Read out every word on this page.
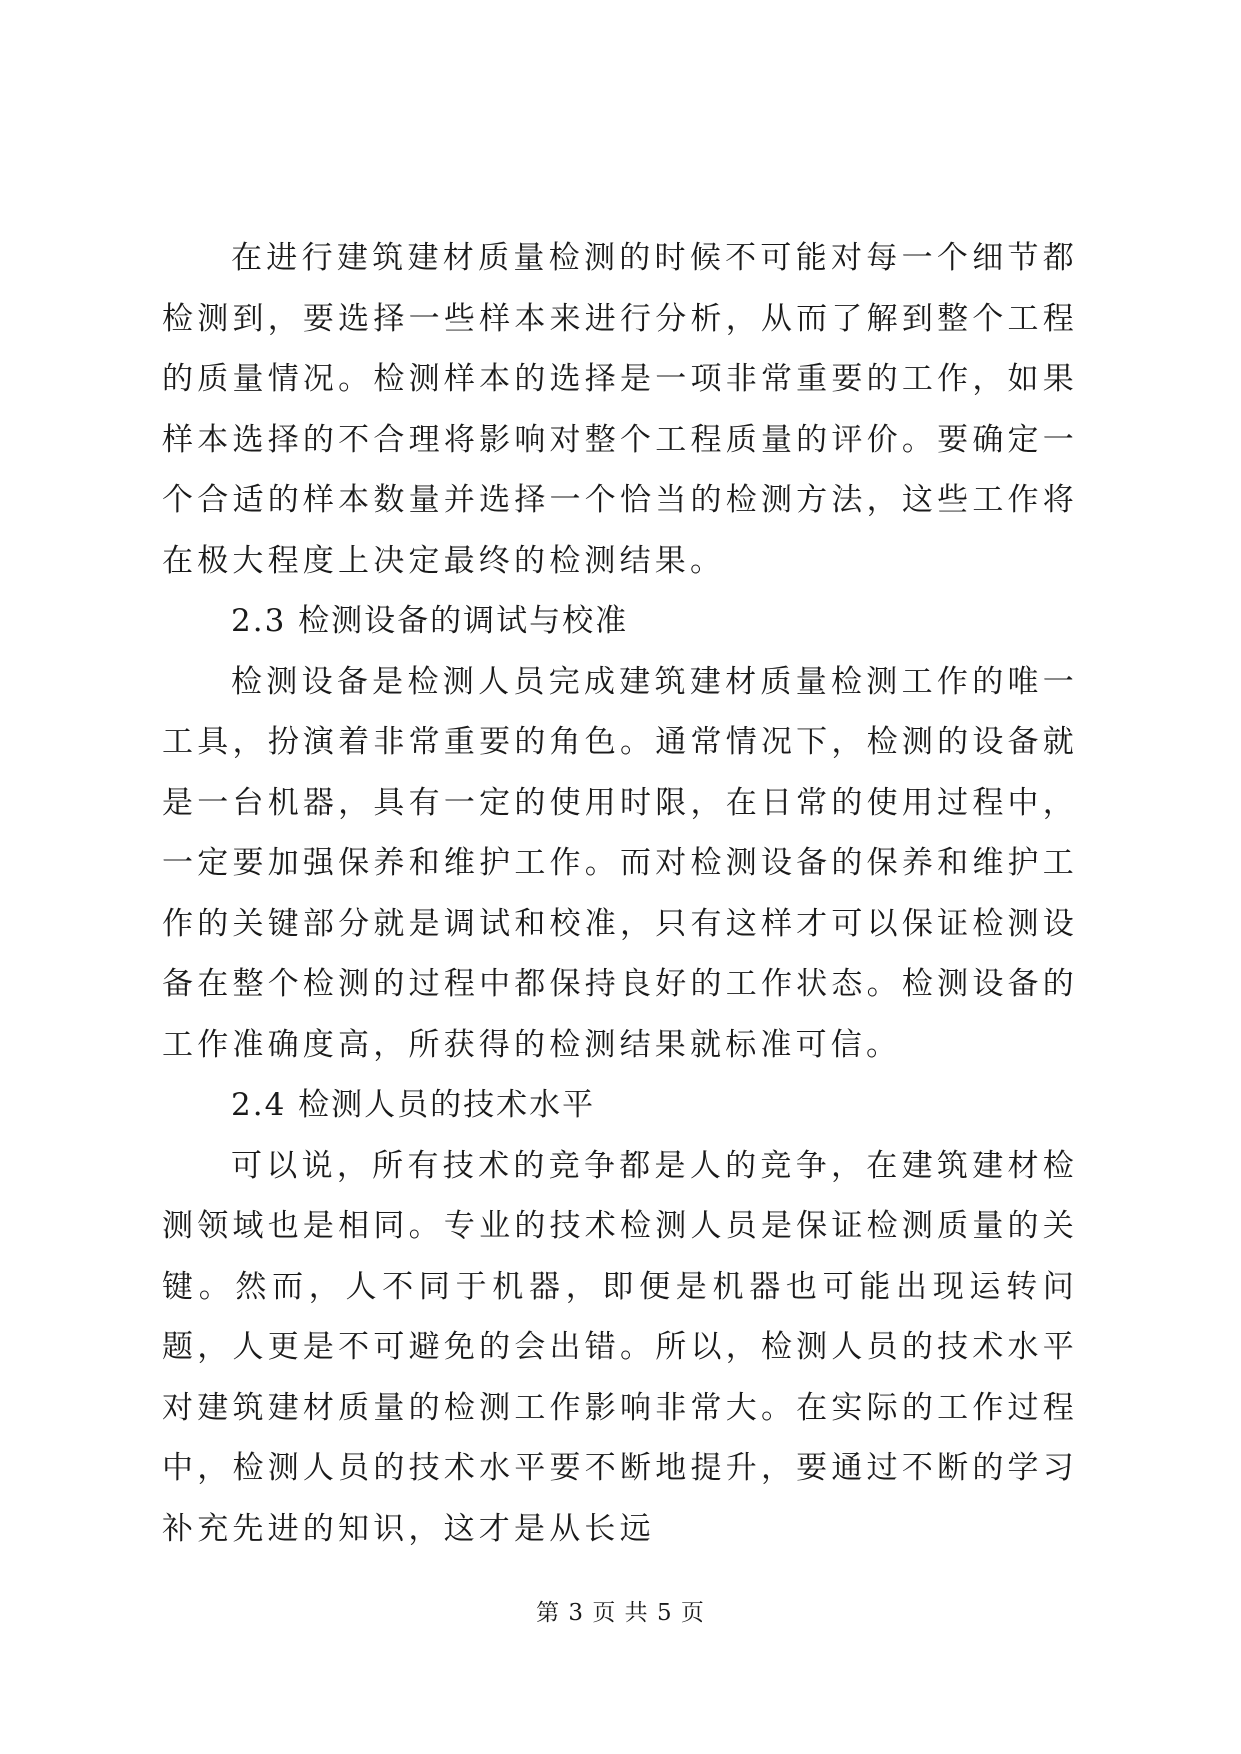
在进行建筑建材质量检测的时候不可能对每一个细节都检测到，要选择一些样本来进行分析，从而了解到整个工程的质量情况。检测样本的选择是一项非常重要的工作，如果样本选择的不合理将影响对整个工程质量的评价。要确定一个合适的样本数量并选择一个恰当的检测方法，这些工作将在极大程度上决定最终的检测结果。

2.3 检测设备的调试与校准

检测设备是检测人员完成建筑建材质量检测工作的唯一工具，扮演着非常重要的角色。通常情况下，检测的设备就是一台机器，具有一定的使用时限，在日常的使用过程中，一定要加强保养和维护工作。而对检测设备的保养和维护工作的关键部分就是调试和校准，只有这样才可以保证检测设备在整个检测的过程中都保持良好的工作状态。检测设备的工作准确度高，所获得的检测结果就标准可信。

2.4 检测人员的技术水平

可以说，所有技术的竞争都是人的竞争，在建筑建材检测领域也是相同。专业的技术检测人员是保证检测质量的关键。然而，人不同于机器，即便是机器也可能出现运转问题，人更是不可避免的会出错。所以，检测人员的技术水平对建筑建材质量的检测工作影响非常大。在实际的工作过程中，检测人员的技术水平要不断地提升，要通过不断的学习补充先进的知识，这才是从长远

第 3 页 共 5 页
